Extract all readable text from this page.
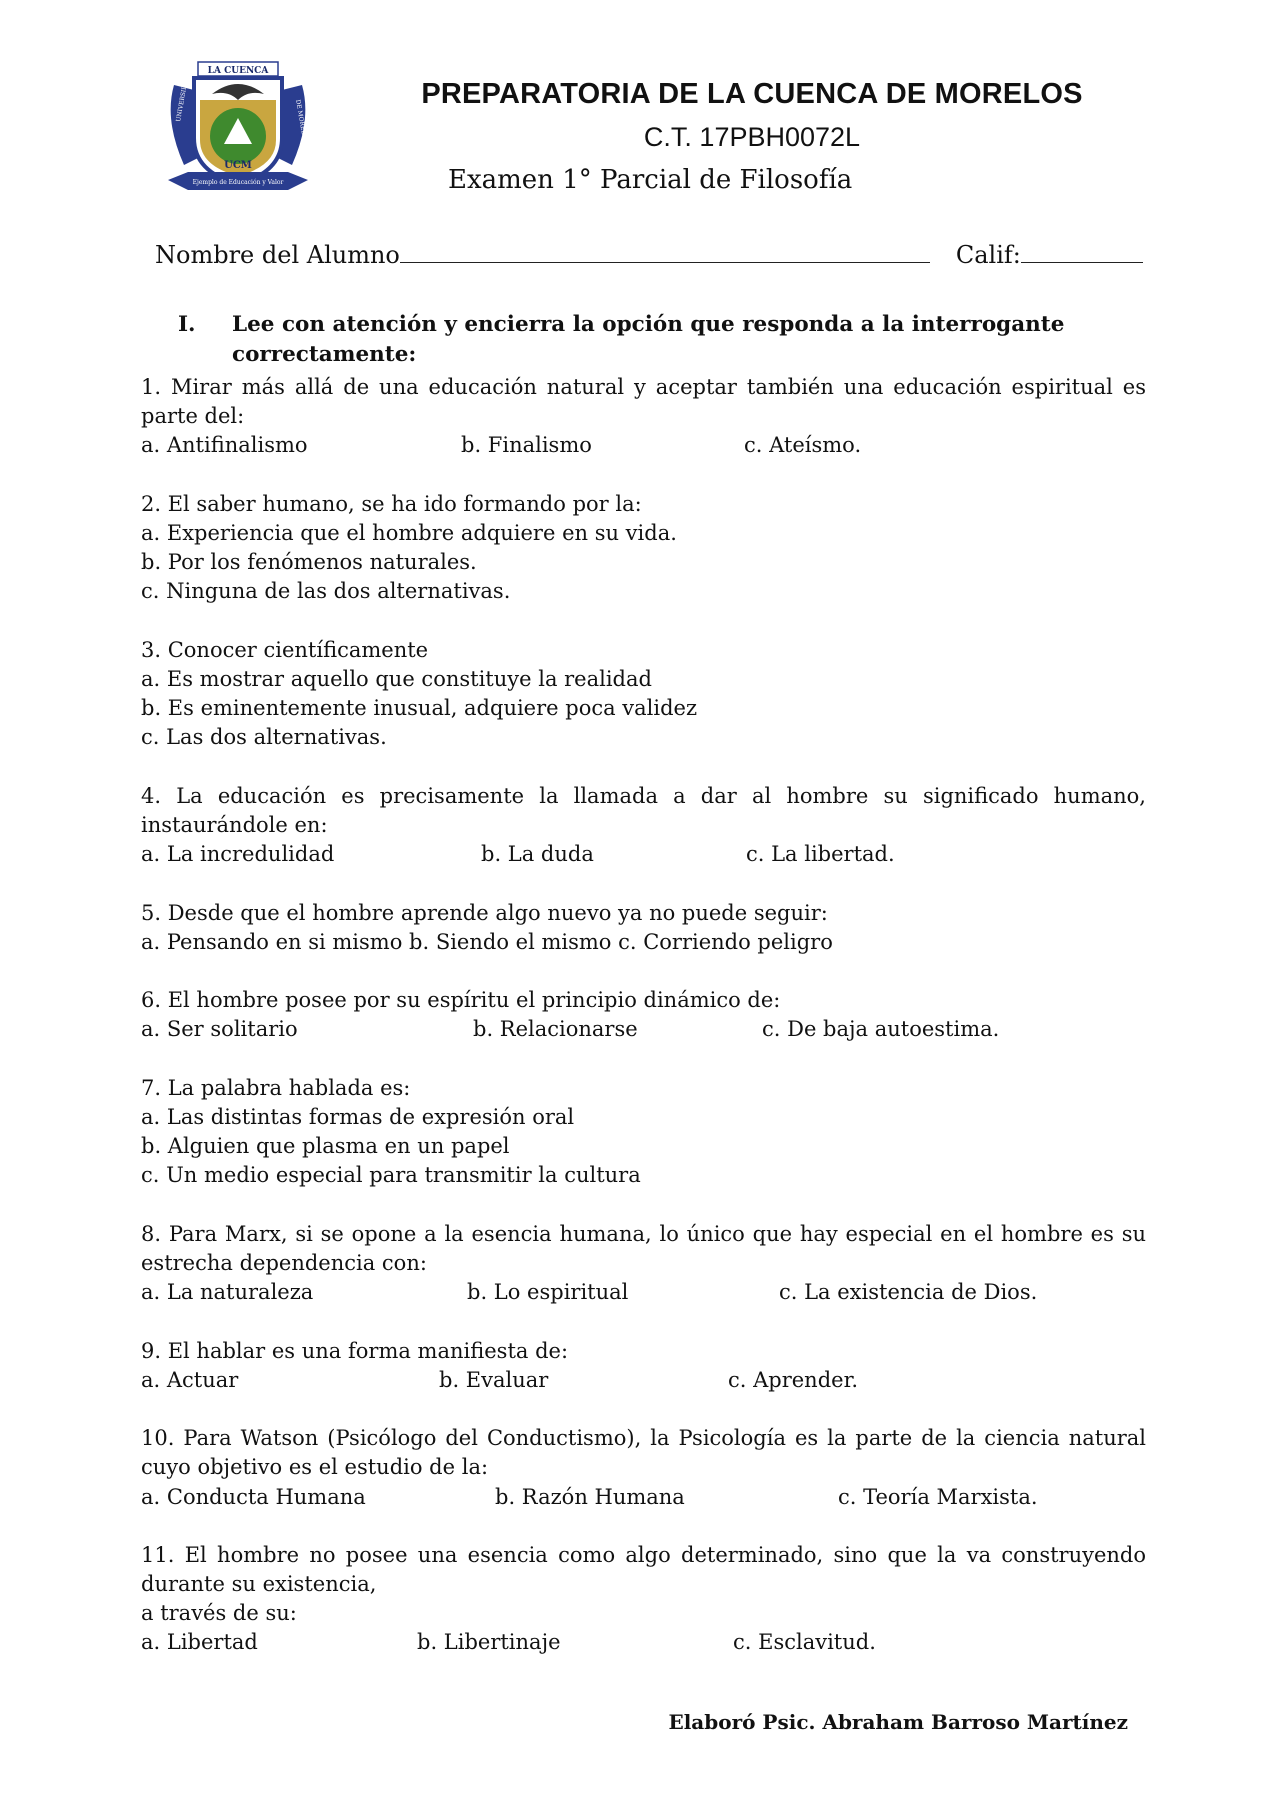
LA CUENCA
UCM
UNIVERSIDAD DE	DE MORELOS
Ejemplo de Educación y Valor
PREPARATORIA DE LA CUENCA DE MORELOS
C.T. 17PBH0072L
Examen 1° Parcial de Filosofía
Nombre del Alumno	Calif:
I. Lee con atención y encierra la opción que responda a la interrogante
correctamente:
1. Mirar más allá de una educación natural y aceptar también una educación espiritual es parte del:
a. Antifinalismo	b. Finalismo	c. Ateísmo.
2. El saber humano, se ha ido formando por la:
a. Experiencia que el hombre adquiere en su vida.
b. Por los fenómenos naturales.
c. Ninguna de las dos alternativas.
3. Conocer científicamente
a. Es mostrar aquello que constituye la realidad
b. Es eminentemente inusual, adquiere poca validez
c. Las dos alternativas.
4. La educación es precisamente la llamada a dar al hombre su significado humano, instaurándole en:
a. La incredulidad	b. La duda	c. La libertad.
5. Desde que el hombre aprende algo nuevo ya no puede seguir:
a. Pensando en si mismo b. Siendo el mismo c. Corriendo peligro
6. El hombre posee por su espíritu el principio dinámico de:
a. Ser solitario	b. Relacionarse	c. De baja autoestima.
7. La palabra hablada es:
a. Las distintas formas de expresión oral
b. Alguien que plasma en un papel
c. Un medio especial para transmitir la cultura
8. Para Marx, si se opone a la esencia humana, lo único que hay especial en el hombre es su estrecha dependencia con:
a. La naturaleza	b. Lo espiritual	c. La existencia de Dios.
9. El hablar es una forma manifiesta de:
a. Actuar	b. Evaluar	c. Aprender.
10. Para Watson (Psicólogo del Conductismo), la Psicología es la parte de la ciencia natural cuyo objetivo es el estudio de la:
a. Conducta Humana	b. Razón Humana	c. Teoría Marxista.
11. El hombre no posee una esencia como algo determinado, sino que la va construyendo durante su existencia,
a través de su:
a. Libertad	b. Libertinaje	c. Esclavitud.
Elaboró Psic. Abraham Barroso Martínez
